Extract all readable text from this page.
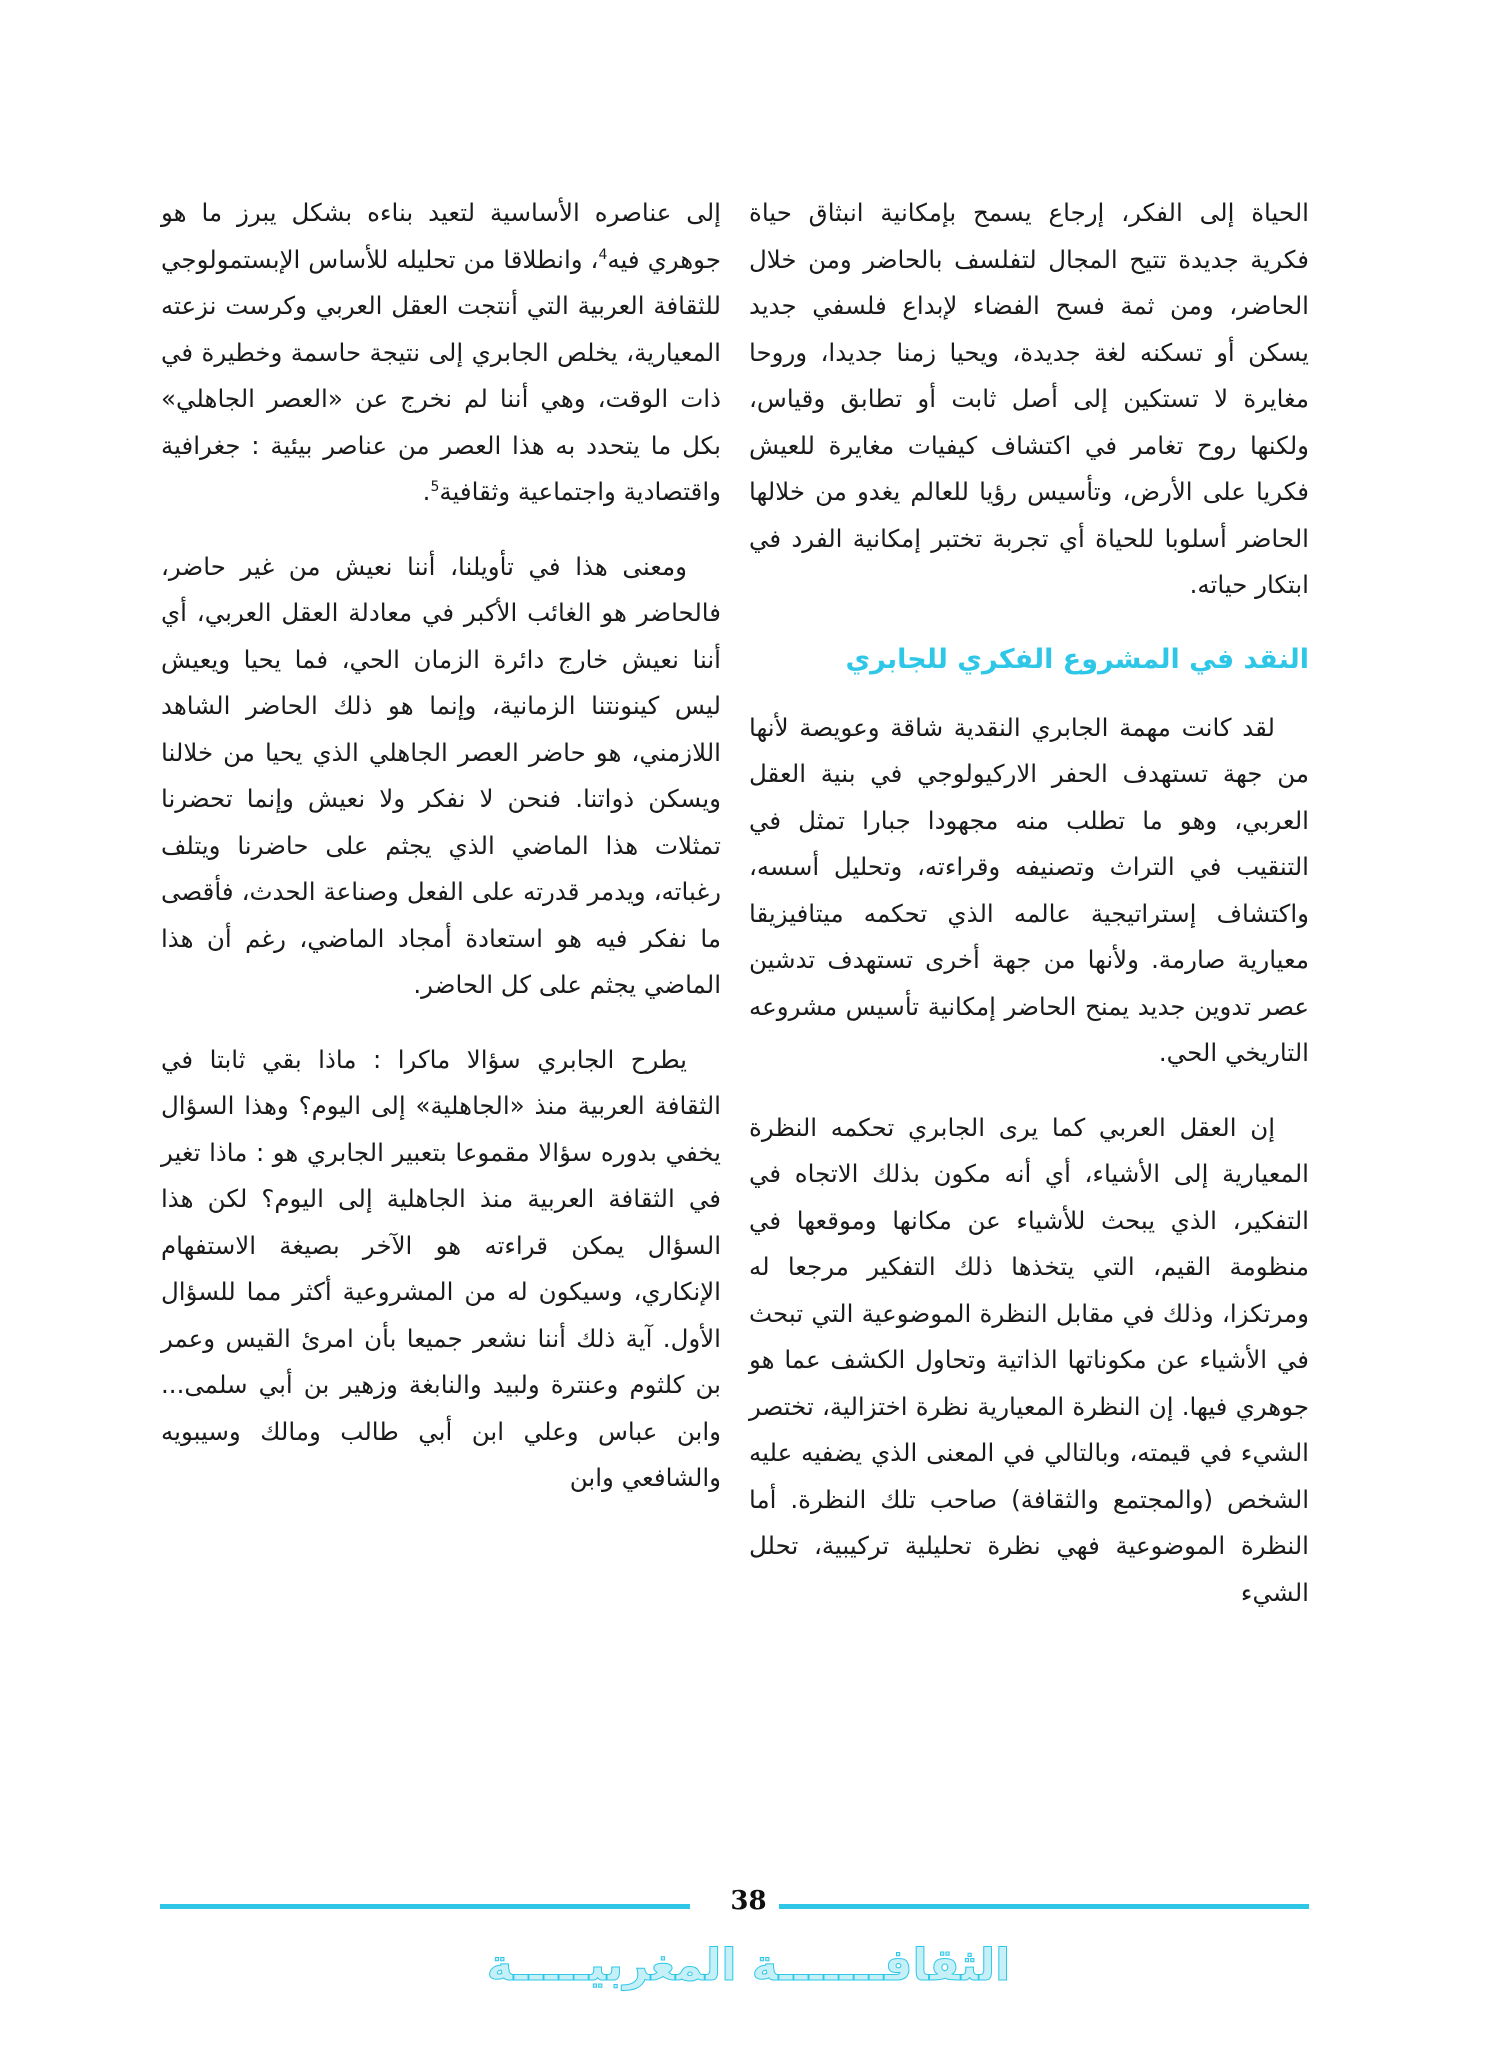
الحياة إلى الفكر، إرجاع يسمح بإمكانية انبثاق حياة فكرية جديدة تتيح المجال لتفلسف بالحاضر ومن خلال الحاضر، ومن ثمة فسح الفضاء لإبداع فلسفي جديد يسكن أو تسكنه لغة جديدة، ويحيا زمنا جديدا، وروحا مغايرة لا تستكين إلى أصل ثابت أو تطابق وقياس، ولكنها روح تغامر في اكتشاف كيفيات مغايرة للعيش فكريا على الأرض، وتأسيس رؤيا للعالم يغدو من خلالها الحاضر أسلوبا للحياة أي تجربة تختبر إمكانية الفرد في ابتكار حياته.

النقد في المشروع الفكري للجابري

لقد كانت مهمة الجابري النقدية شاقة وعويصة لأنها من جهة تستهدف الحفر الاركيولوجي في بنية العقل العربي، وهو ما تطلب منه مجهودا جبارا تمثل في التنقيب في التراث وتصنيفه وقراءته، وتحليل أسسه، واكتشاف إستراتيجية عالمه الذي تحكمه ميتافيزيقا معيارية صارمة. ولأنها من جهة أخرى تستهدف تدشين عصر تدوين جديد يمنح الحاضر إمكانية تأسيس مشروعه التاريخي الحي.

إن العقل العربي كما يرى الجابري تحكمه النظرة المعيارية إلى الأشياء، أي أنه مكون بذلك الاتجاه في التفكير، الذي يبحث للأشياء عن مكانها وموقعها في منظومة القيم، التي يتخذها ذلك التفكير مرجعا له ومرتكزا، وذلك في مقابل النظرة الموضوعية التي تبحث في الأشياء عن مكوناتها الذاتية وتحاول الكشف عما هو جوهري فيها. إن النظرة المعيارية نظرة اختزالية، تختصر الشيء في قيمته، وبالتالي في المعنى الذي يضفيه عليه الشخص (والمجتمع والثقافة) صاحب تلك النظرة. أما النظرة الموضوعية فهي نظرة تحليلية تركيبية، تحلل الشيء

إلى عناصره الأساسية لتعيد بناءه بشكل يبرز ما هو جوهري فيه$^4$، وانطلاقا من تحليله للأساس الإبستمولوجي للثقافة العربية التي أنتجت العقل العربي وكرست نزعته المعيارية، يخلص الجابري إلى نتيجة حاسمة وخطيرة في ذات الوقت، وهي أننا لم نخرج عن «العصر الجاهلي» بكل ما يتحدد به هذا العصر من عناصر بيئية : جغرافية واقتصادية واجتماعية وثقافية$^5$.

ومعنى هذا في تأويلنا، أننا نعيش من غير حاضر، فالحاضر هو الغائب الأكبر في معادلة العقل العربي، أي أننا نعيش خارج دائرة الزمان الحي، فما يحيا ويعيش ليس كينونتنا الزمانية، وإنما هو ذلك الحاضر الشاهد اللازمني، هو حاضر العصر الجاهلي الذي يحيا من خلالنا ويسكن ذواتنا. فنحن لا نفكر ولا نعيش وإنما تحضرنا تمثلات هذا الماضي الذي يجثم على حاضرنا ويتلف رغباته، ويدمر قدرته على الفعل وصناعة الحدث، فأقصى ما نفكر فيه هو استعادة أمجاد الماضي، رغم أن هذا الماضي يجثم على كل الحاضر.

يطرح الجابري سؤالا ماكرا : ماذا بقي ثابتا في الثقافة العربية منذ «الجاهلية» إلى اليوم؟ وهذا السؤال يخفي بدوره سؤالا مقموعا بتعبير الجابري هو : ماذا تغير في الثقافة العربية منذ الجاهلية إلى اليوم؟ لكن هذا السؤال يمكن قراءته هو الآخر بصيغة الاستفهام الإنكاري، وسيكون له من المشروعية أكثر مما للسؤال الأول. آية ذلك أننا نشعر جميعا بأن امرئ القيس وعمر بن كلثوم وعنترة ولبيد والنابغة وزهير بن أبي سلمى... وابن عباس وعلي ابن أبي طالب ومالك وسيبويه والشافعي وابن

38
الثقافـــــــة المغربيـــــة
